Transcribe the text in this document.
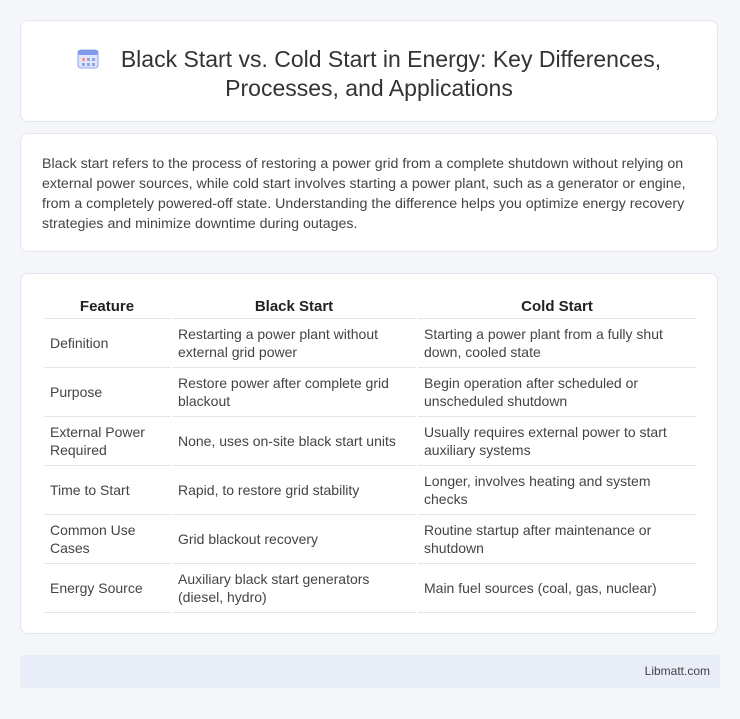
Black Start vs. Cold Start in Energy: Key Differences, Processes, and Applications
Black start refers to the process of restoring a power grid from a complete shutdown without relying on external power sources, while cold start involves starting a power plant, such as a generator or engine, from a completely powered-off state. Understanding the difference helps you optimize energy recovery strategies and minimize downtime during outages.
Feature	Black Start	Cold Start
Definition	Restarting a power plant without external grid power	Starting a power plant from a fully shut down, cooled state
Purpose	Restore power after complete grid blackout	Begin operation after scheduled or unscheduled shutdown
External Power Required	None, uses on-site black start units	Usually requires external power to start auxiliary systems
Time to Start	Rapid, to restore grid stability	Longer, involves heating and system checks
Common Use Cases	Grid blackout recovery	Routine startup after maintenance or shutdown
Energy Source	Auxiliary black start generators (diesel, hydro)	Main fuel sources (coal, gas, nuclear)
Libmatt.com
